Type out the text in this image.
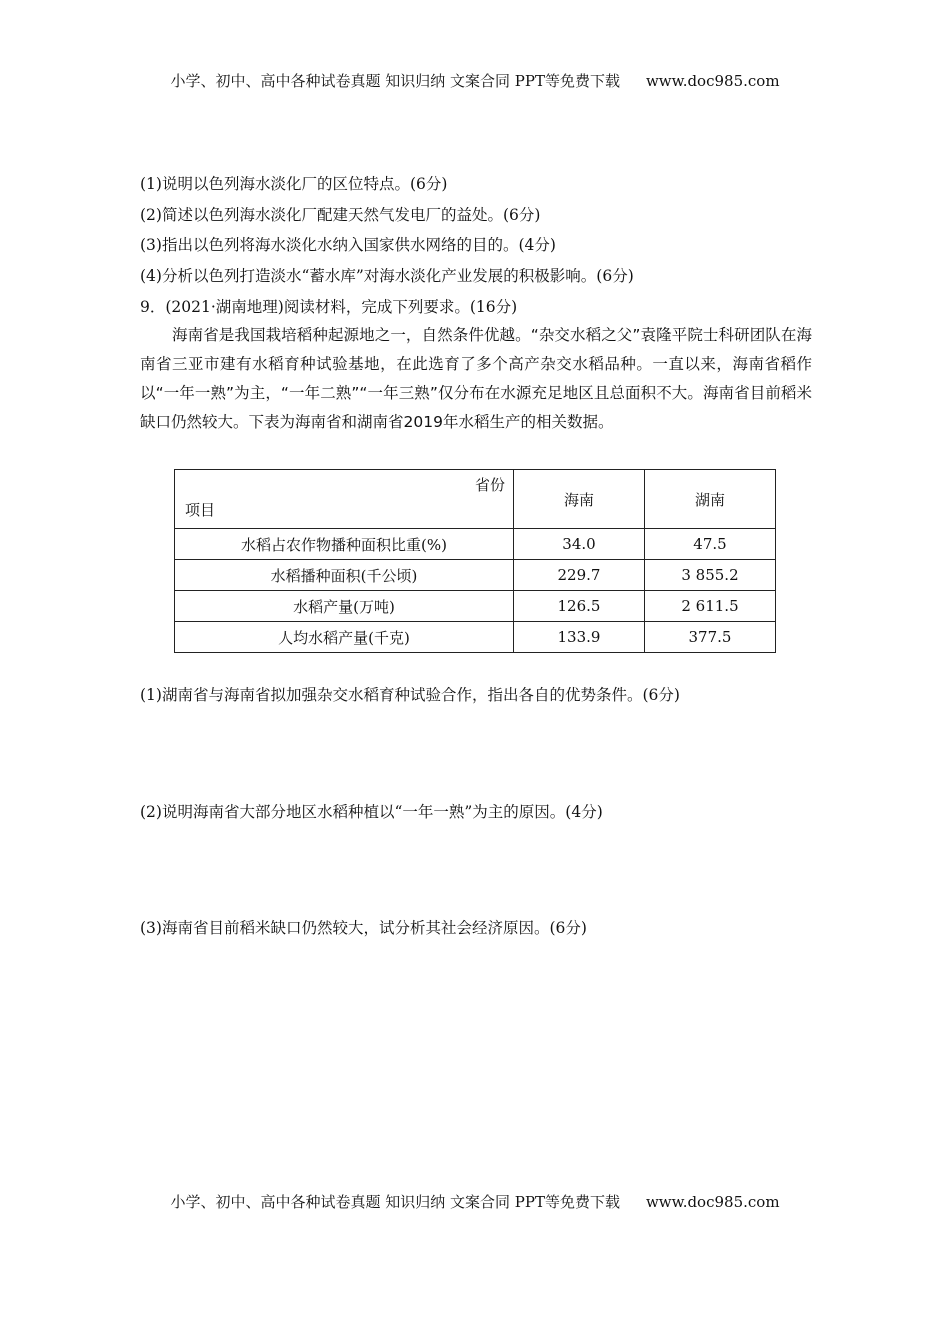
小学、初中、高中各种试卷真题 知识归纳 文案合同 PPT等免费下载 www.doc985.com
(1)说明以色列海水淡化厂的区位特点。(6分)
(2)简述以色列海水淡化厂配建天然气发电厂的益处。(6分)
(3)指出以色列将海水淡化水纳入国家供水网络的目的。(4分)
(4)分析以色列打造淡水“蓄水库”对海水淡化产业发展的积极影响。(6分)
9．(2021·湖南地理)阅读材料，完成下列要求。(16分)
海南省是我国栽培稻种起源地之一，自然条件优越。“杂交水稻之父”袁隆平院士科研团队在海南省三亚市建有水稻育种试验基地，在此选育了多个高产杂交水稻品种。一直以来，海南省稻作以“一年一熟”为主，“一年二熟”“一年三熟”仅分布在水源充足地区且总面积不大。海南省目前稻米缺口仍然较大。下表为海南省和湖南省2019年水稻生产的相关数据。
省份
项目	海南	湖南
水稻占农作物播种面积比重(%)	34.0	47.5
水稻播种面积(千公顷)	229.7	3 855.2
水稻产量(万吨)	126.5	2 611.5
人均水稻产量(千克)	133.9	377.5
(1)湖南省与海南省拟加强杂交水稻育种试验合作，指出各自的优势条件。(6分)
(2)说明海南省大部分地区水稻种植以“一年一熟”为主的原因。(4分)
(3)海南省目前稻米缺口仍然较大，试分析其社会经济原因。(6分)
小学、初中、高中各种试卷真题 知识归纳 文案合同 PPT等免费下载 www.doc985.com
